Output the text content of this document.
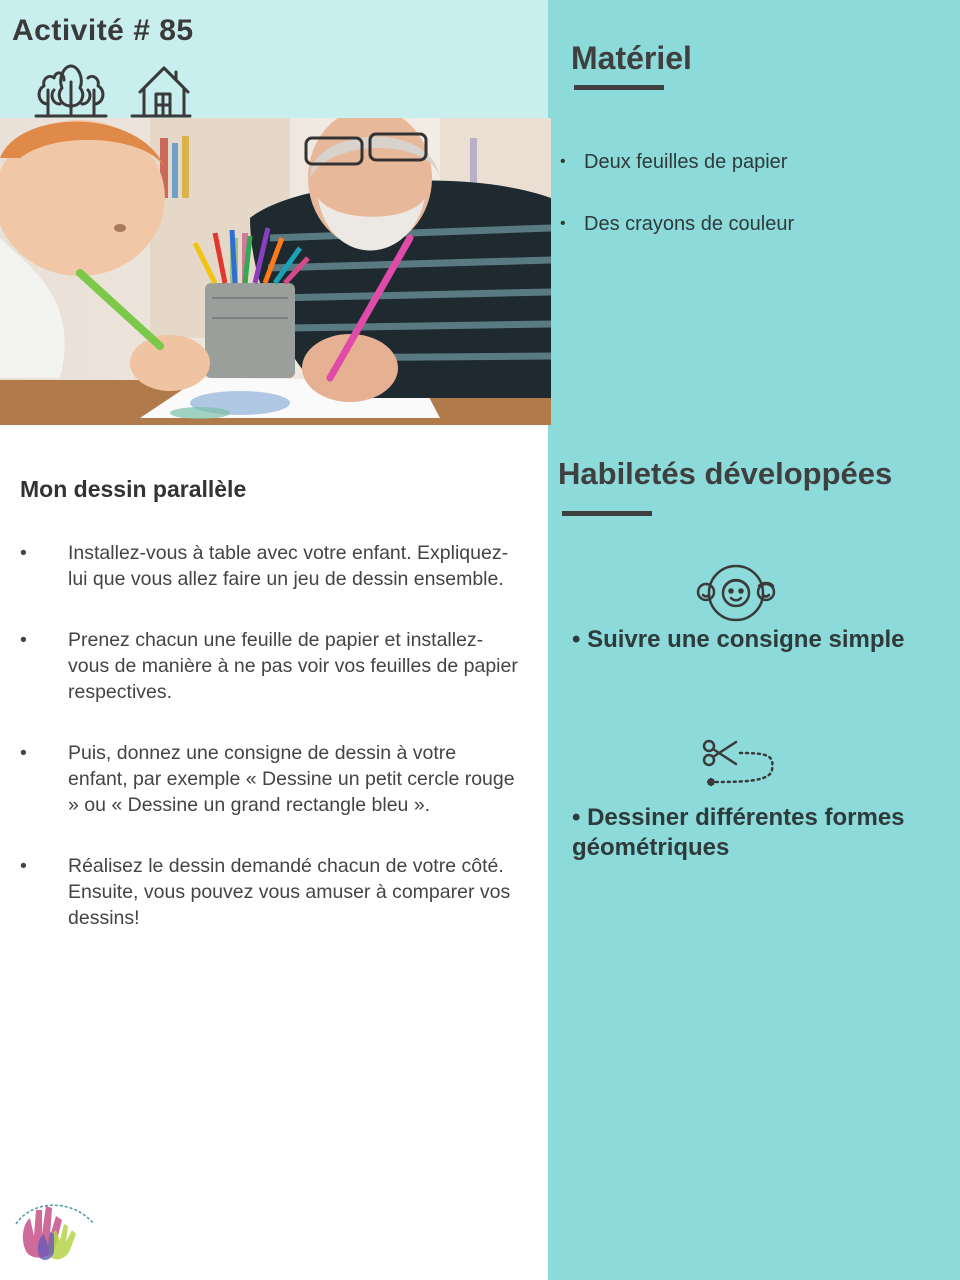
Activité # 85
Matériel
• Deux feuilles de papier
• Des crayons de couleur
Mon dessin parallèle
• Installez-vous à table avec votre enfant. Expliquez-lui que vous allez faire un jeu de dessin ensemble.
• Prenez chacun une feuille de papier et installez-vous de manière à ne pas voir vos feuilles de papier respectives.
• Puis, donnez une consigne de dessin à votre enfant, par exemple « Dessine un petit cercle rouge » ou « Dessine un grand rectangle bleu ».
• Réalisez le dessin demandé chacun de votre côté. Ensuite, vous pouvez vous amuser à comparer vos dessins!
Habiletés développées

• Suivre une consigne simple

• Dessiner différentes formes géométriques
